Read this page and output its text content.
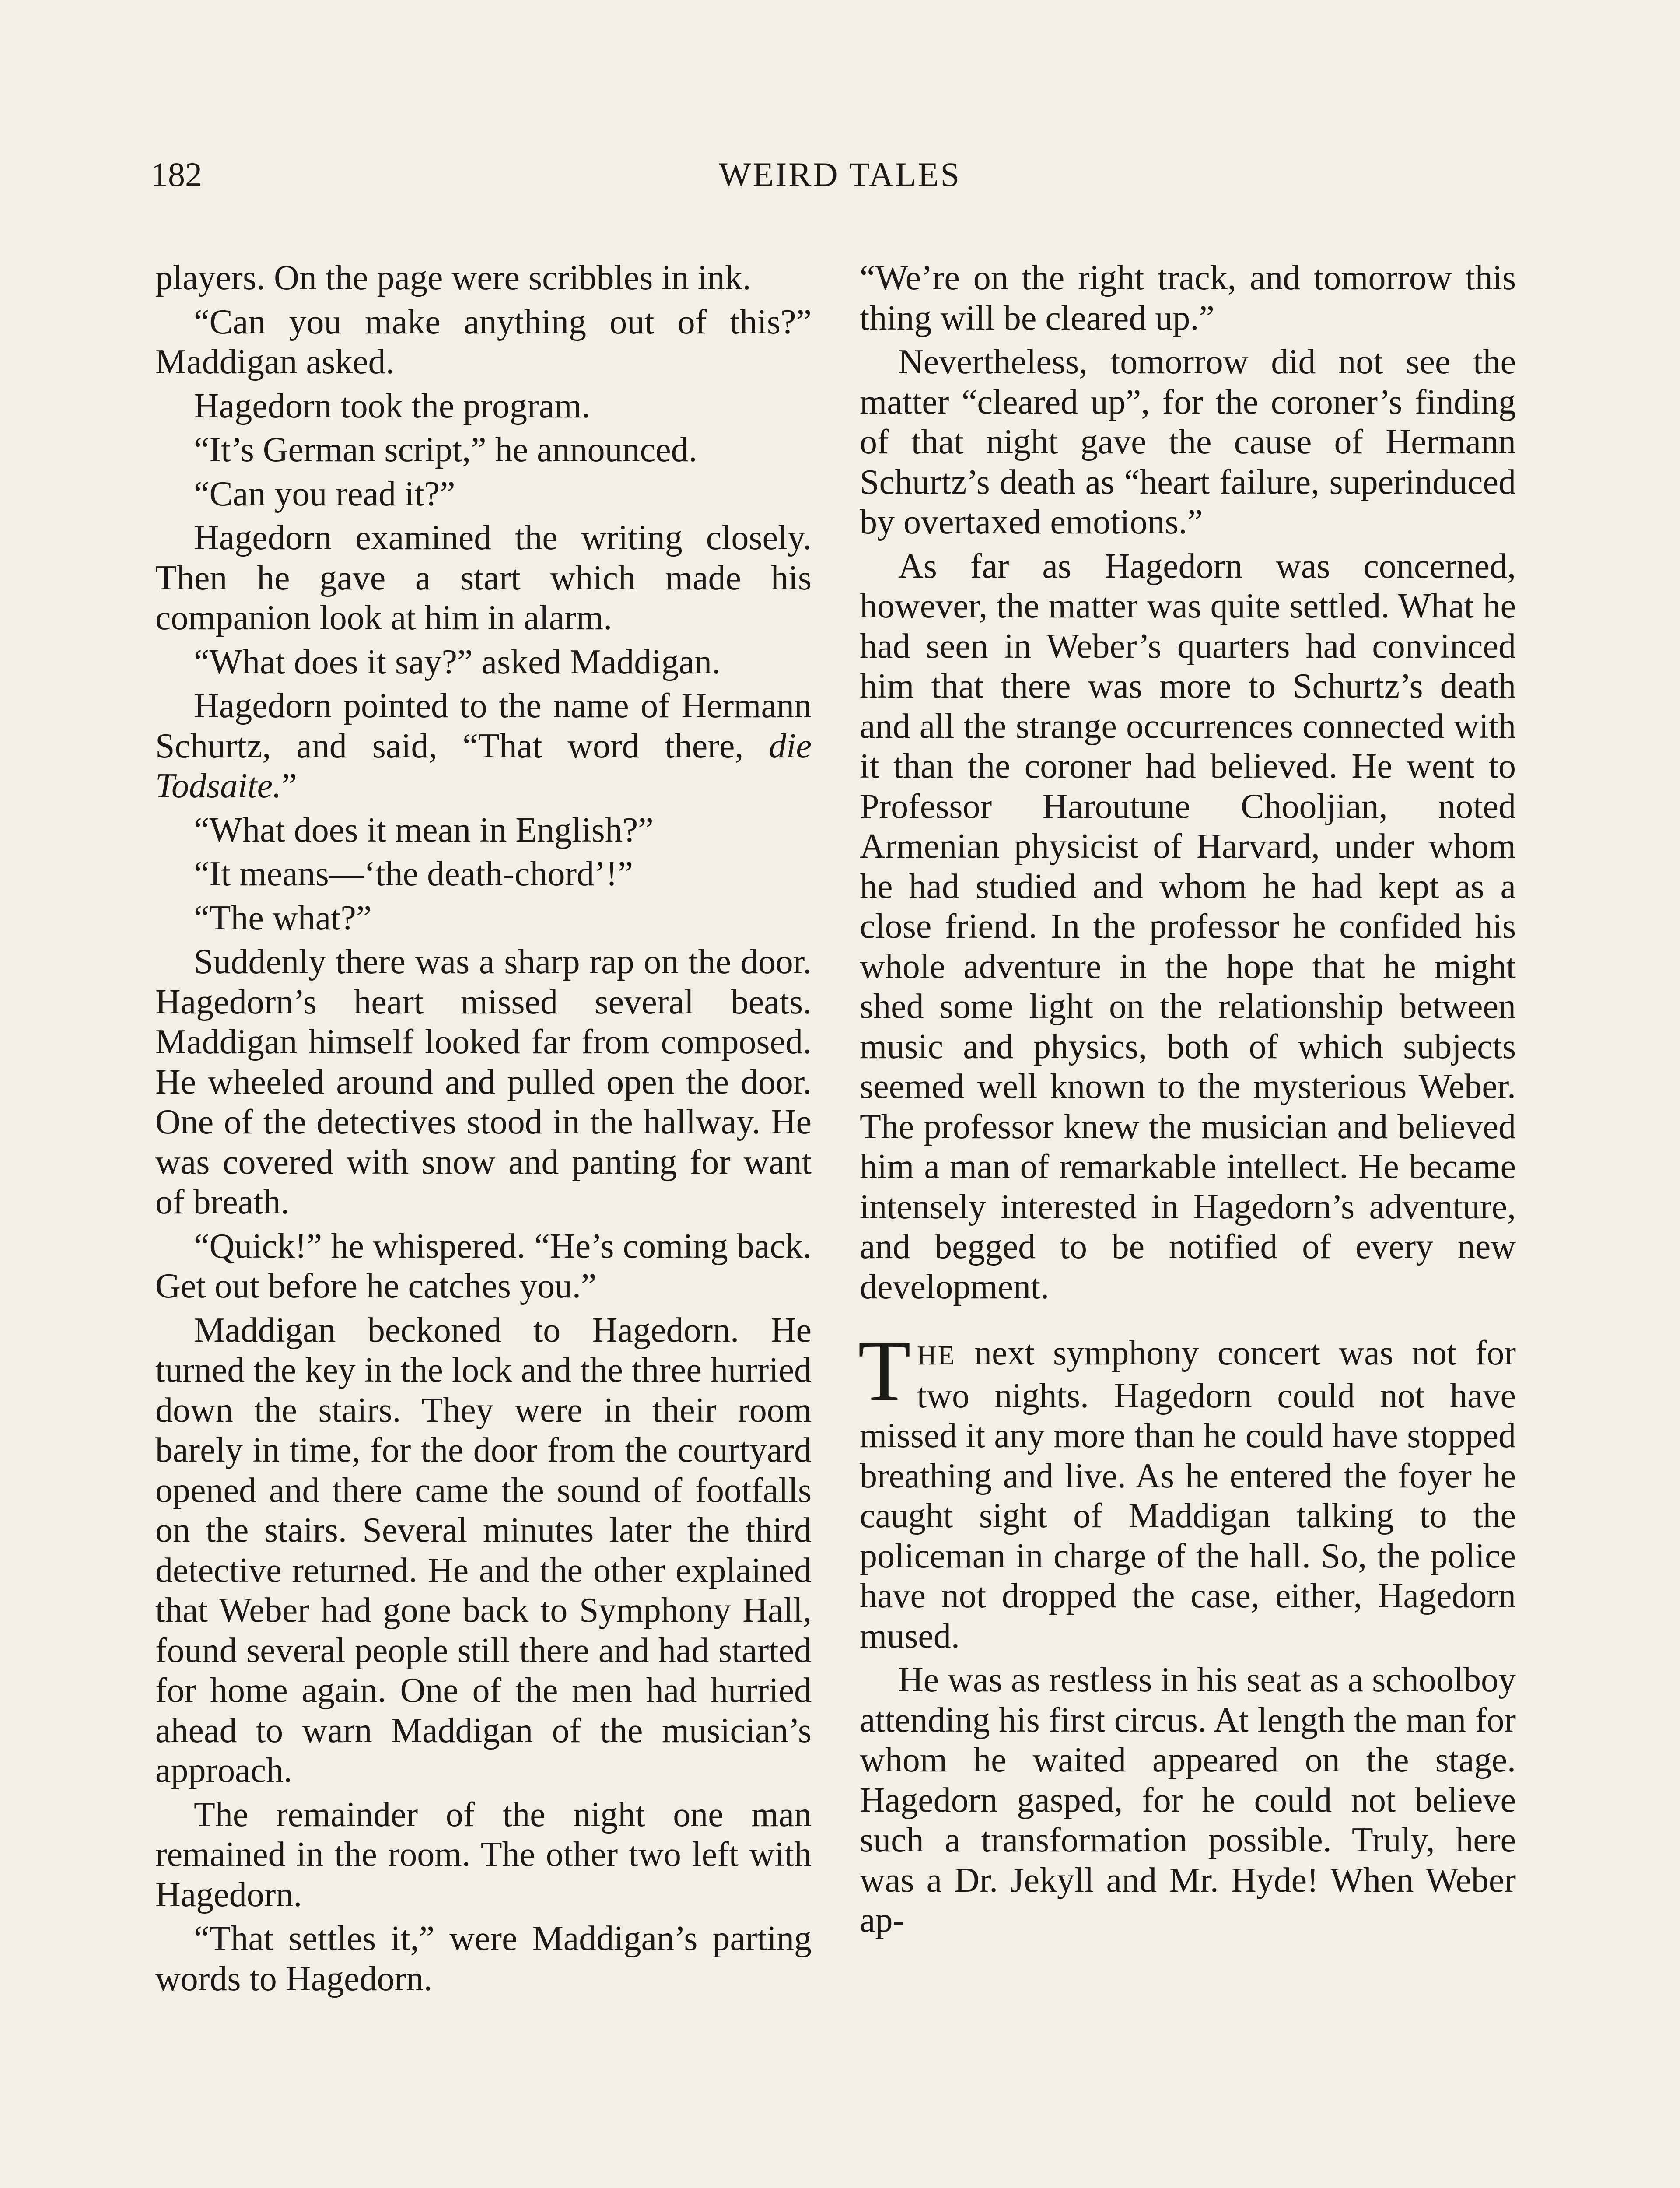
182	WEIRD TALES

players. On the page were scribbles in ink.

“Can you make anything out of this?” Maddigan asked.

Hagedorn took the program.

“It’s German script,” he announced.

“Can you read it?”

Hagedorn examined the writing closely. Then he gave a start which made his companion look at him in alarm.

“What does it say?” asked Maddigan.

Hagedorn pointed to the name of Hermann Schurtz, and said, “That word there, die Todsaite.”

“What does it mean in English?”

“It means—‘the death-chord’!”

“The what?”

Suddenly there was a sharp rap on the door. Hagedorn’s heart missed several beats. Maddigan himself looked far from composed. He wheeled around and pulled open the door. One of the detectives stood in the hallway. He was covered with snow and panting for want of breath.

“Quick!” he whispered. “He’s coming back. Get out before he catches you.”

Maddigan beckoned to Hagedorn. He turned the key in the lock and the three hurried down the stairs. They were in their room barely in time, for the door from the courtyard opened and there came the sound of footfalls on the stairs. Several minutes later the third detective returned. He and the other explained that Weber had gone back to Symphony Hall, found several people still there and had started for home again. One of the men had hurried ahead to warn Maddigan of the musician’s approach.

The remainder of the night one man remained in the room. The other two left with Hagedorn.

“That settles it,” were Maddigan’s parting words to Hagedorn.

“We’re on the right track, and tomorrow this thing will be cleared up.”

Nevertheless, tomorrow did not see the matter “cleared up”, for the coroner’s finding of that night gave the cause of Hermann Schurtz’s death as “heart failure, superinduced by overtaxed emotions.”

As far as Hagedorn was concerned, however, the matter was quite settled. What he had seen in Weber’s quarters had convinced him that there was more to Schurtz’s death and all the strange occurrences connected with it than the coroner had believed. He went to Professor Haroutune Chooljian, noted Armenian physicist of Harvard, under whom he had studied and whom he had kept as a close friend. In the professor he confided his whole adventure in the hope that he might shed some light on the relationship between music and physics, both of which subjects seemed well known to the mysterious Weber. The professor knew the musician and believed him a man of remarkable intellect. He became intensely interested in Hagedorn’s adventure, and begged to be notified of every new development.

THE next symphony concert was not for two nights. Hagedorn could not have missed it any more than he could have stopped breathing and live. As he entered the foyer he caught sight of Maddigan talking to the policeman in charge of the hall. So, the police have not dropped the case, either, Hagedorn mused.

He was as restless in his seat as a schoolboy attending his first circus. At length the man for whom he waited appeared on the stage. Hagedorn gasped, for he could not believe such a transformation possible. Truly, here was a Dr. Jekyll and Mr. Hyde! When Weber ap-
